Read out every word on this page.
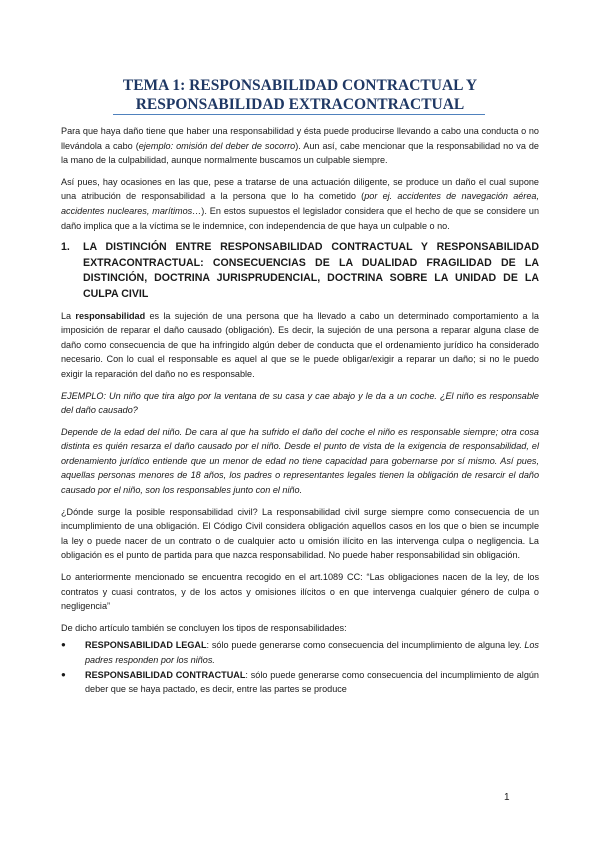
TEMA 1: RESPONSABILIDAD CONTRACTUAL Y
RESPONSABILIDAD EXTRACONTRACTUAL

Para que haya daño tiene que haber una responsabilidad y ésta puede producirse llevando a cabo una conducta o no llevándola a cabo (ejemplo: omisión del deber de socorro). Aun así, cabe mencionar que la responsabilidad no va de la mano de la culpabilidad, aunque normalmente buscamos un culpable siempre.

Así pues, hay ocasiones en las que, pese a tratarse de una actuación diligente, se produce un daño el cual supone una atribución de responsabilidad a la persona que lo ha cometido (por ej. accidentes de navegación aérea, accidentes nucleares, marítimos…). En estos supuestos el legislador considera que el hecho de que se considere un daño implica que a la víctima se le indemnice, con independencia de que haya un culpable o no.

1.	LA DISTINCIÓN ENTRE RESPONSABILIDAD CONTRACTUAL Y RESPONSABILIDAD EXTRACONTRACTUAL: CONSECUENCIAS DE LA DUALIDAD FRAGILIDAD DE LA DISTINCIÓN, DOCTRINA JURISPRUDENCIAL, DOCTRINA SOBRE LA UNIDAD DE LA CULPA CIVIL

La responsabilidad es la sujeción de una persona que ha llevado a cabo un determinado comportamiento a la imposición de reparar el daño causado (obligación). Es decir, la sujeción de una persona a reparar alguna clase de daño como consecuencia de que ha infringido algún deber de conducta que el ordenamiento jurídico ha considerado necesario. Con lo cual el responsable es aquel al que se le puede obligar/exigir a reparar un daño; si no le puedo exigir la reparación del daño no es responsable.

EJEMPLO: Un niño que tira algo por la ventana de su casa y cae abajo y le da a un coche. ¿El niño es responsable del daño causado?

Depende de la edad del niño. De cara al que ha sufrido el daño del coche el niño es responsable siempre; otra cosa distinta es quién resarza el daño causado por el niño. Desde el punto de vista de la exigencia de responsabilidad, el ordenamiento jurídico entiende que un menor de edad no tiene capacidad para gobernarse por sí mismo. Así pues, aquellas personas menores de 18 años, los padres o representantes legales tienen la obligación de resarcir el daño causado por el niño, son los responsables junto con el niño.

¿Dónde surge la posible responsabilidad civil? La responsabilidad civil surge siempre como consecuencia de un incumplimiento de una obligación. El Código Civil considera obligación aquellos casos en los que o bien se incumple la ley o puede nacer de un contrato o de cualquier acto u omisión ilícito en las intervenga culpa o negligencia. La obligación es el punto de partida para que nazca responsabilidad. No puede haber responsabilidad sin obligación.

Lo anteriormente mencionado se encuentra recogido en el art.1089 CC: “Las obligaciones nacen de la ley, de los contratos y cuasi contratos, y de los actos y omisiones ilícitos o en que intervenga cualquier género de culpa o negligencia”

De dicho artículo también se concluyen los tipos de responsabilidades:

●	RESPONSABILIDAD LEGAL: sólo puede generarse como consecuencia del incumplimiento de alguna ley. Los padres responden por los niños.
●	RESPONSABILIDAD CONTRACTUAL: sólo puede generarse como consecuencia del incumplimiento de algún deber que se haya pactado, es decir, entre las partes se produce
1
